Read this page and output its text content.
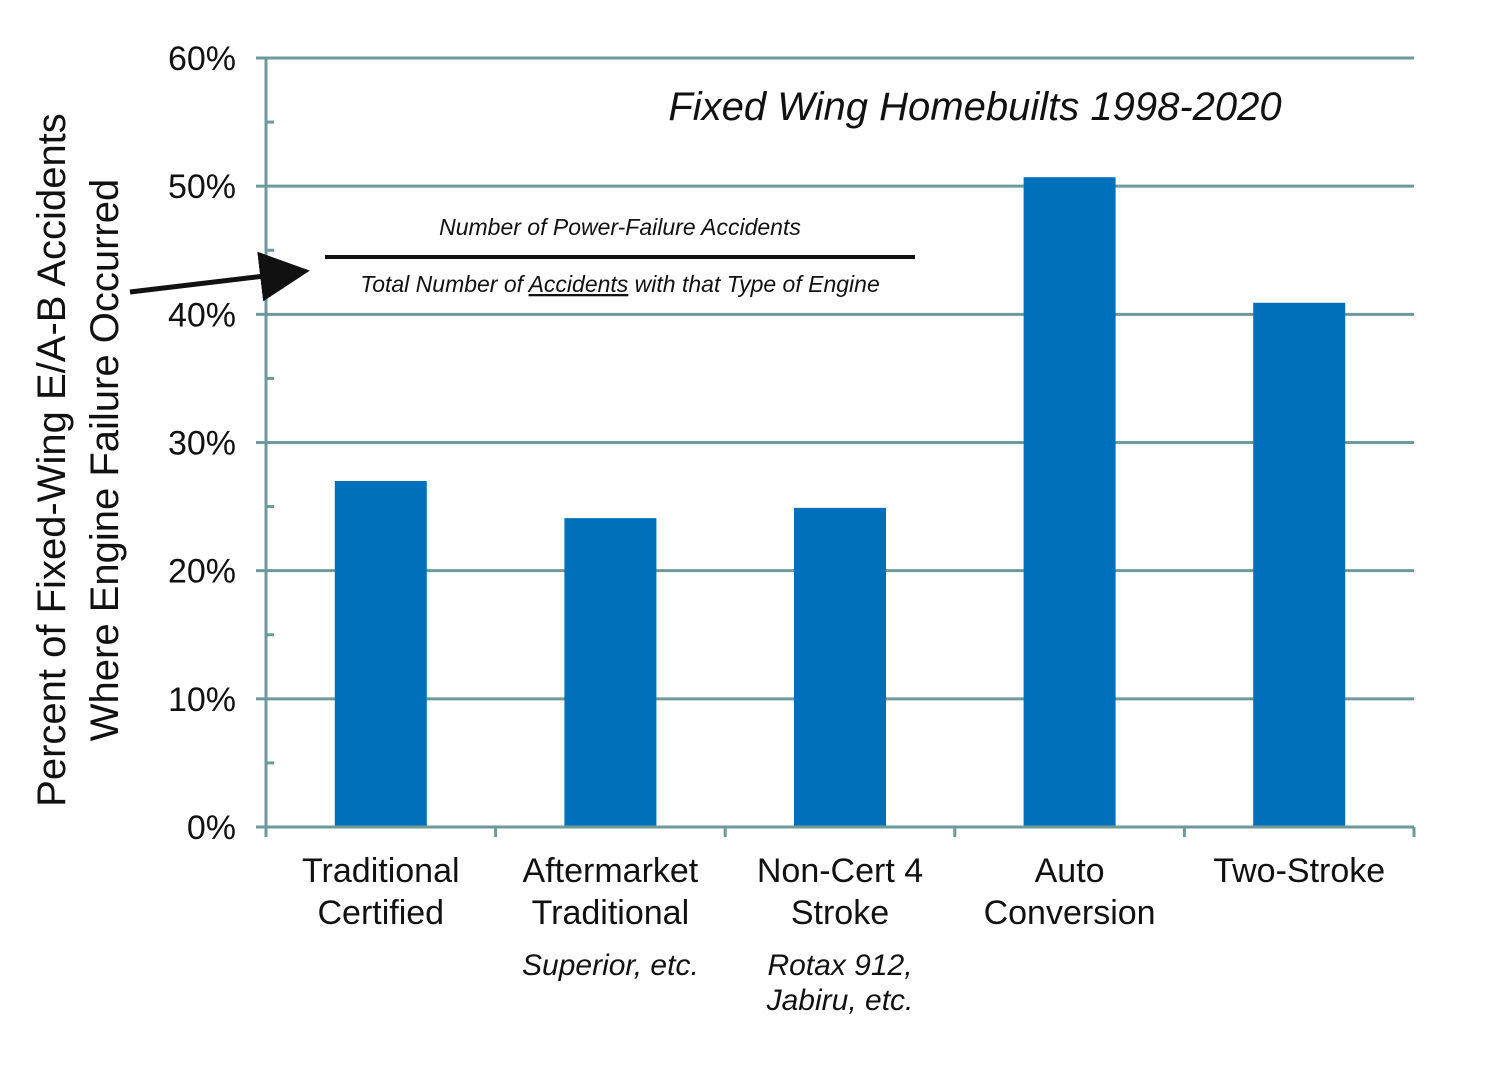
0%
10%
20%
30%
40%
50%
60%
Traditional
Certified
Aftermarket
Traditional
Superior, etc.
Non-Cert 4
Stroke
Rotax 912,
Jabiru, etc.
Auto
Conversion
Two-Stroke
Fixed Wing Homebuilts 1998-2020
Percent of Fixed-Wing E/A-B Accidents Where Engine Failure Occurred	Number of Power-Failure Accidents
Total Number of Accidents with that Type of Engine
